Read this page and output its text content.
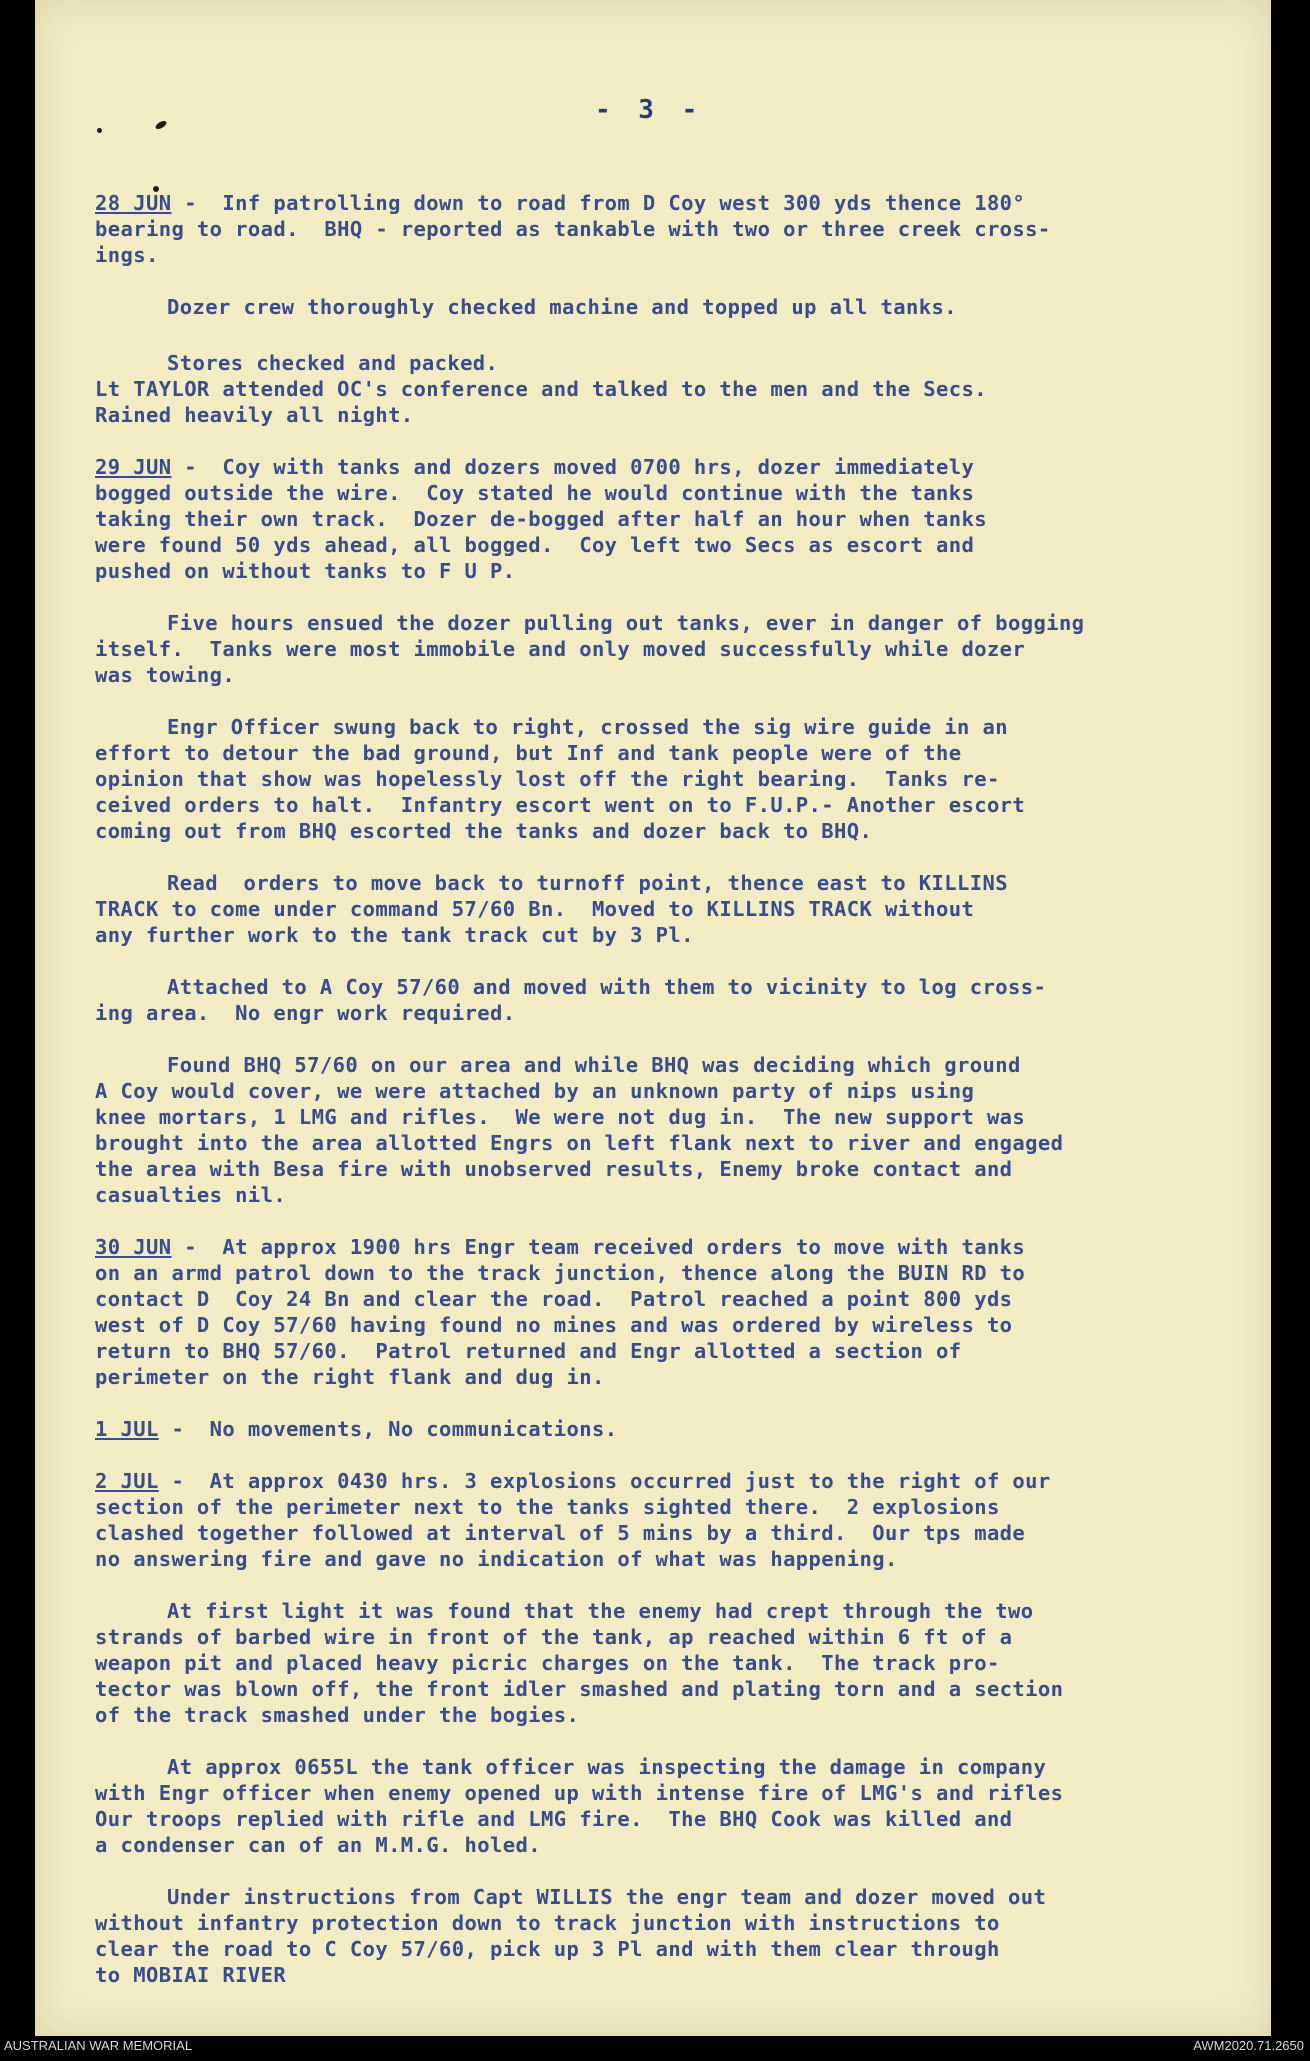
- 3 -
28 JUN -  Inf patrolling down to road from D Coy west 300 yds thence 180°
bearing to road.  BHQ - reported as tankable with two or three creek cross-
ings.
Dozer crew thoroughly checked machine and topped up all tanks.
Stores checked and packed.
Lt TAYLOR attended OC's conference and talked to the men and the Secs.
Rained heavily all night.
29 JUN -  Coy with tanks and dozers moved 0700 hrs, dozer immediately
bogged outside the wire.  Coy stated he would continue with the tanks
taking their own track.  Dozer de-bogged after half an hour when tanks
were found 50 yds ahead, all bogged.  Coy left two Secs as escort and
pushed on without tanks to F U P.
Five hours ensued the dozer pulling out tanks, ever in danger of bogging
itself.  Tanks were most immobile and only moved successfully while dozer
was towing.
Engr Officer swung back to right, crossed the sig wire guide in an
effort to detour the bad ground, but Inf and tank people were of the
opinion that show was hopelessly lost off the right bearing.  Tanks re-
ceived orders to halt.  Infantry escort went on to F.U.P.- Another escort
coming out from BHQ escorted the tanks and dozer back to BHQ.
Read  orders to move back to turnoff point, thence east to KILLINS
TRACK to come under command 57/60 Bn.  Moved to KILLINS TRACK without
any further work to the tank track cut by 3 Pl.
Attached to A Coy 57/60 and moved with them to vicinity to log cross-
ing area.  No engr work required.
Found BHQ 57/60 on our area and while BHQ was deciding which ground
A Coy would cover, we were attached by an unknown party of nips using
knee mortars, 1 LMG and rifles.  We were not dug in.  The new support was
brought into the area allotted Engrs on left flank next to river and engaged
the area with Besa fire with unobserved results, Enemy broke contact and
casualties nil.
30 JUN -  At approx 1900 hrs Engr team received orders to move with tanks
on an armd patrol down to the track junction, thence along the BUIN RD to
contact D  Coy 24 Bn and clear the road.  Patrol reached a point 800 yds
west of D Coy 57/60 having found no mines and was ordered by wireless to
return to BHQ 57/60.  Patrol returned and Engr allotted a section of
perimeter on the right flank and dug in.
1 JUL -  No movements, No communications.
2 JUL -  At approx 0430 hrs. 3 explosions occurred just to the right of our
section of the perimeter next to the tanks sighted there.  2 explosions
clashed together followed at interval of 5 mins by a third.  Our tps made
no answering fire and gave no indication of what was happening.
At first light it was found that the enemy had crept through the two
strands of barbed wire in front of the tank, ap reached within 6 ft of a
weapon pit and placed heavy picric charges on the tank.  The track pro-
tector was blown off, the front idler smashed and plating torn and a section
of the track smashed under the bogies.
At approx 0655L the tank officer was inspecting the damage in company
with Engr officer when enemy opened up with intense fire of LMG's and rifles
Our troops replied with rifle and LMG fire.  The BHQ Cook was killed and
a condenser can of an M.M.G. holed.
Under instructions from Capt WILLIS the engr team and dozer moved out
without infantry protection down to track junction with instructions to
clear the road to C Coy 57/60, pick up 3 Pl and with them clear through
to MOBIAI RIVER
AUSTRALIAN WAR MEMORIAL	AWM2020.71.2650
